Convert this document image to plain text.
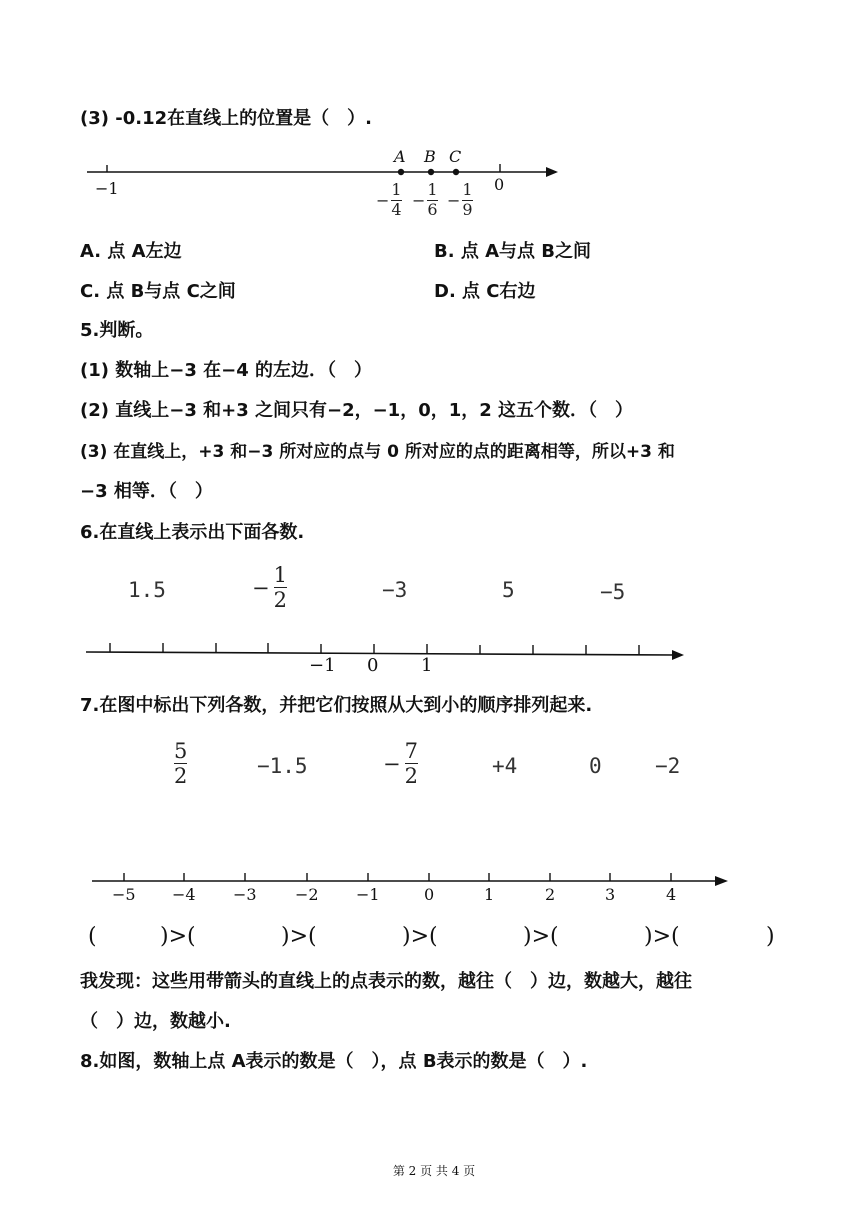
(3) -0.12在直线上的位置是（　）.
A B C
−1	0
−
1
4 −
1
6 −
1
9
A. 点 A左边	B. 点 A与点 B之间
C. 点 B与点 C之间	D. 点 C右边
5.判断。
(1) 数轴上−3 在−4 的左边．（　）
(2) 直线上−3 和+3 之间只有−2，−1，0，1，2 这五个数．（　）
(3) 在直线上，+3 和−3 所对应的点与 0 所对应的点的距离相等，所以+3 和
−3 相等．（　）
6.在直线上表示出下面各数.
1.5	−
1
2	−3	5	−5
−1 0 1
7.在图中标出下列各数，并把它们按照从大到小的顺序排列起来.
5
2	−1.5	−
7
2	+4	0	−2
−5 −4 −3 −2 −1	0	1	2	3	4
(	)>(	)>(	)>(	)>(	)>(	)
我发现：这些用带箭头的直线上的点表示的数，越往（　）边，数越大，越往
（　）边，数越小.
8.如图，数轴上点 A表示的数是（　），点 B表示的数是（　）.
第 2 页 共 4 页
